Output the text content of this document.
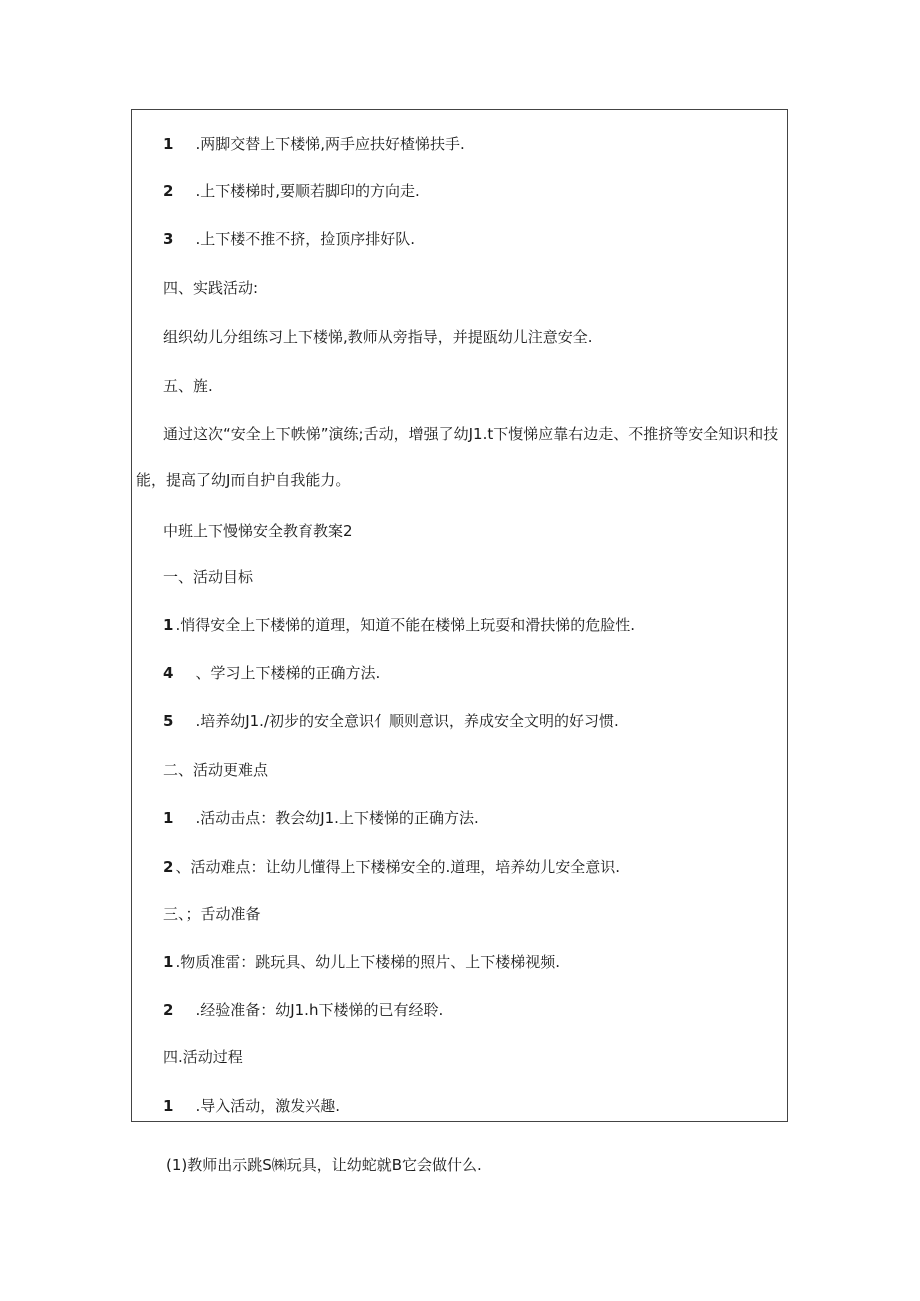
1 .两脚交替上下楼悌,两手应扶好楂悌扶手.
2 .上下楼梯时,要顺若脚印的方向走.
3 .上下楼不推不挤，捡顶序排好队.
四、实践活动:
组织幼儿分组练习上下楼悌,教师从旁指导，并提瓯幼儿注意安全.
五、旌.
通过这次“安全上下帙悌”演练;舌动，增强了幼J1.t下愎悌应靠右边走、不推挤等安全知识和技
能，提高了幼J而自护自我能力。
中班上下慢悌安全教育教案2
一、活动目标
1 .悄得安全上下楼悌的道理，知道不能在楼悌上玩耍和滑扶悌的危脸性.
4 、学习上下楼梯的正确方法.
5 .培养幼J1./初步的安全意识亻顺则意识，养成安全文明的好习惯.
二、活动更难点
1 .活动击点：教会幼J1.上下楼悌的正确方法.
2 、活动难点：让幼儿懂得上下楼梯安全的.道理，培养幼儿安全意识.
三、；舌动准备
1 .物质准雷：跳玩具、幼儿上下楼梯的照片、上下楼梯视频.
2 .经验准备：幼J1.h下楼悌的已有经聆.
四.活动过程
1 .导入活动，激发兴趣.
(1)教师出示跳S㈱玩具，让幼蛇就B它会做什么.
